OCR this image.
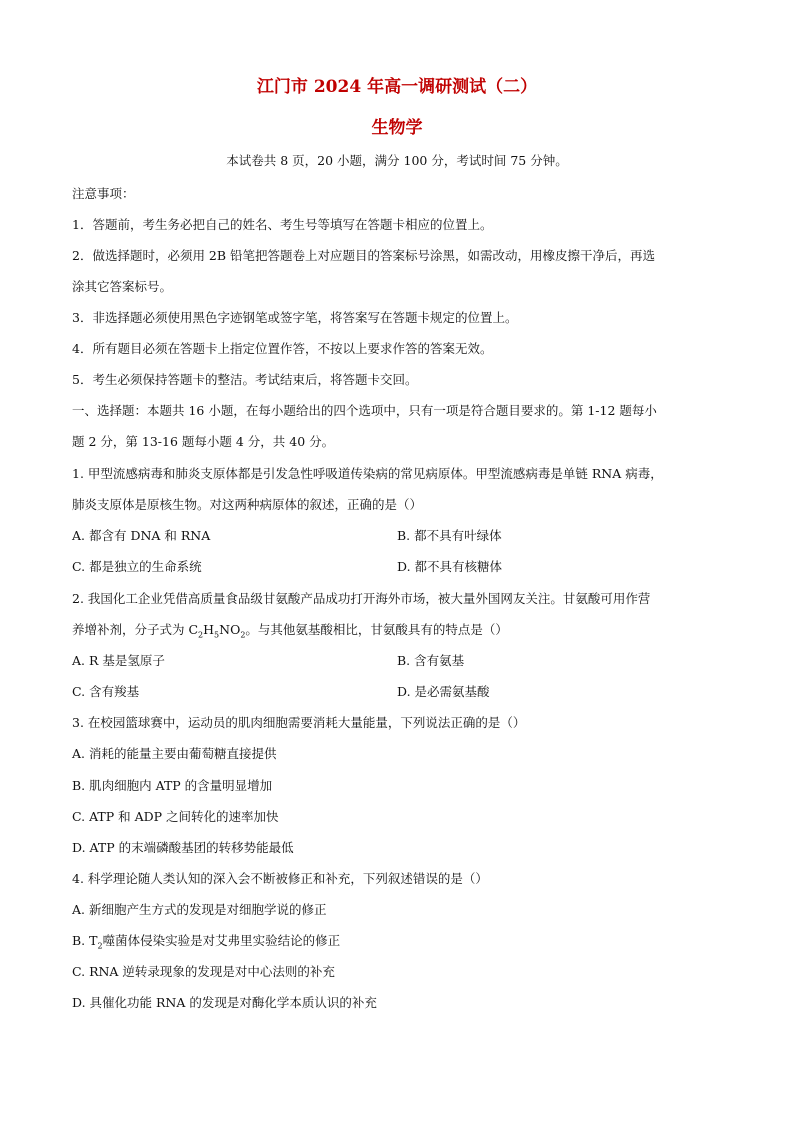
江门市 2024 年高一调研测试（二）
生物学
本试卷共 8 页，20 小题，满分 100 分，考试时间 75 分钟。
注意事项：
1．答题前，考生务必把自己的姓名、考生号等填写在答题卡相应的位置上。
2．做选择题时，必须用 2B 铅笔把答题卷上对应题目的答案标号涂黑，如需改动，用橡皮擦干净后，再选
涂其它答案标号。
3．非选择题必须使用黑色字迹钢笔或签字笔，将答案写在答题卡规定的位置上。
4．所有题目必须在答题卡上指定位置作答，不按以上要求作答的答案无效。
5．考生必须保持答题卡的整洁。考试结束后，将答题卡交回。
一、选择题：本题共 16 小题，在每小题给出的四个选项中，只有一项是符合题目要求的。第 1-12 题每小
题 2 分，第 13-16 题每小题 4 分，共 40 分。
1. 甲型流感病毒和肺炎支原体都是引发急性呼吸道传染病的常见病原体。甲型流感病毒是单链 RNA 病毒，
肺炎支原体是原核生物。对这两种病原体的叙述，正确的是（）
A. 都含有 DNA 和 RNA	B. 都不具有叶绿体
C. 都是独立的生命系统	D. 都不具有核糖体
2. 我国化工企业凭借高质量食品级甘氨酸产品成功打开海外市场，被大量外国网友关注。甘氨酸可用作营
养增补剂，分子式为 $C_2H_5NO_2$。与其他氨基酸相比，甘氨酸具有的特点是（）
A. R 基是氢原子	B. 含有氨基
C. 含有羧基	D. 是必需氨基酸
3. 在校园篮球赛中，运动员的肌肉细胞需要消耗大量能量，下列说法正确的是（）
A. 消耗的能量主要由葡萄糖直接提供
B. 肌肉细胞内 ATP 的含量明显增加
C. ATP 和 ADP 之间转化的速率加快
D. ATP 的末端磷酸基团的转移势能最低
4. 科学理论随人类认知的深入会不断被修正和补充，下列叙述错误的是（）
A. 新细胞产生方式的发现是对细胞学说的修正
B. $T_2$噬菌体侵染实验是对艾弗里实验结论的修正
C. RNA 逆转录现象的发现是对中心法则的补充
D. 具催化功能 RNA 的发现是对酶化学本质认识的补充
